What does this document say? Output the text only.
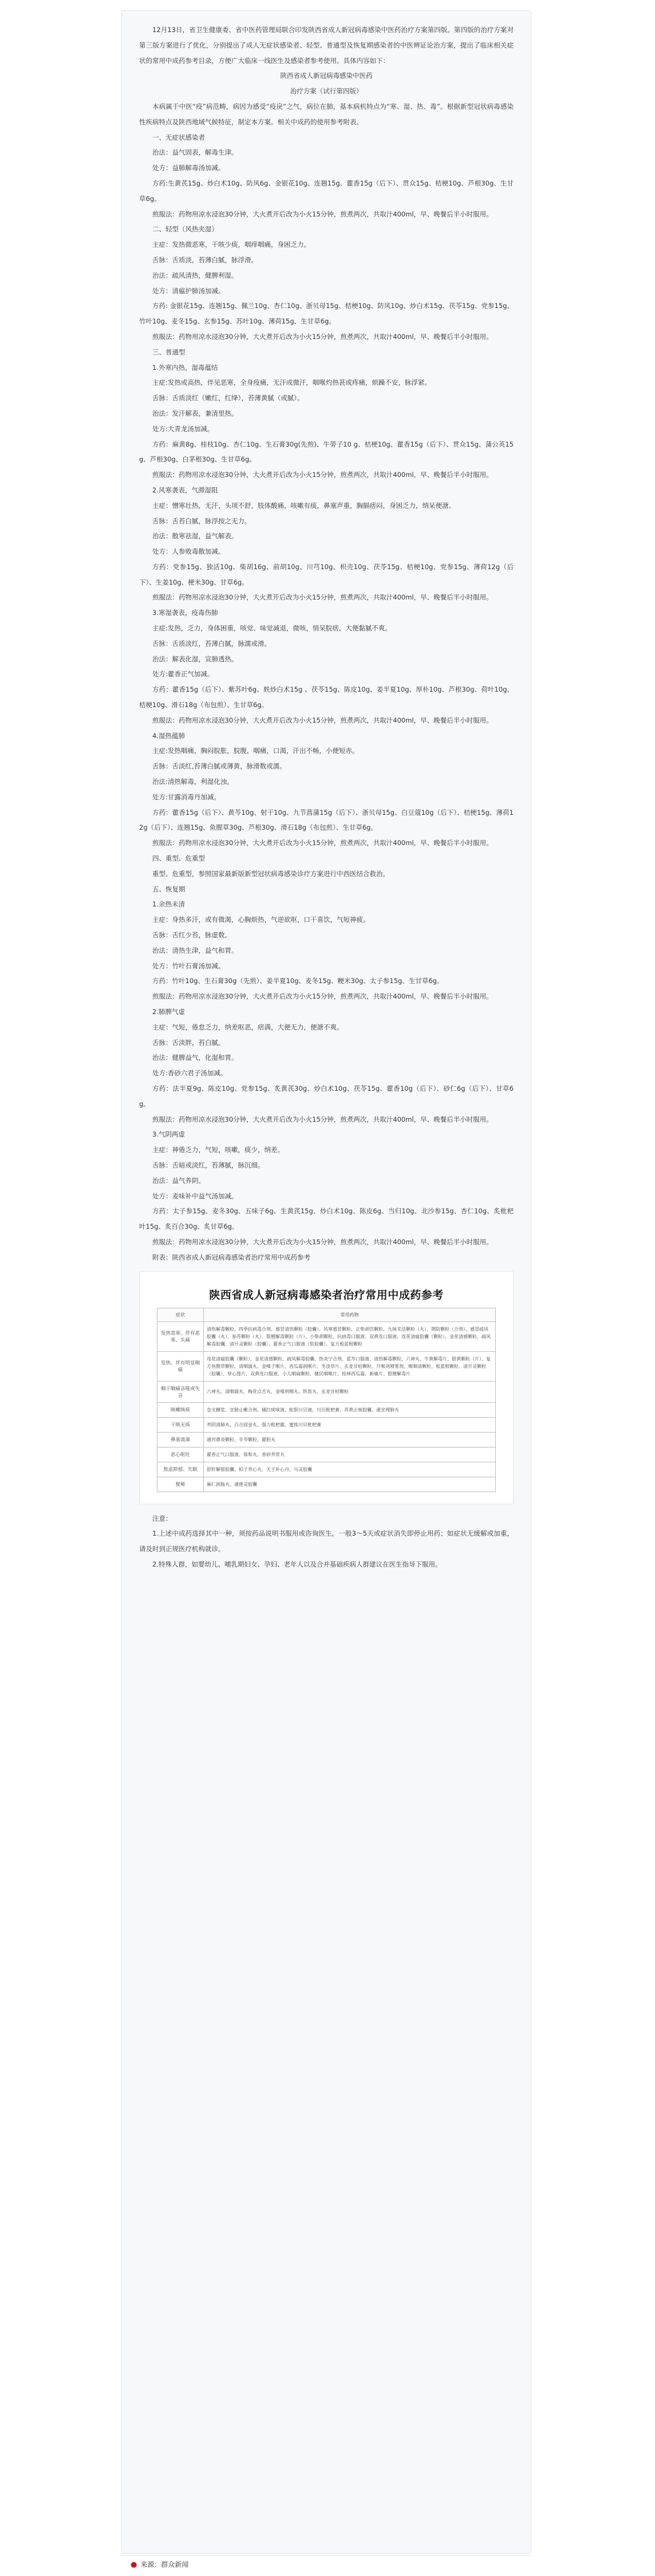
12月13日，省卫生健康委、省中医药管理局联合印发陕西省成人新冠病毒感染中医药治疗方案第四版。第四版的治疗方案对第三版方案进行了优化，分别提出了成人无症状感染者、轻型、普通型及恢复期感染者的中医辨证论治方案，提出了临床相关症状的常用中成药参考目录，方便广大临床一线医生及感染者参考使用。具体内容如下：

陕西省成人新冠病毒感染中医药

治疗方案（试行第四版）

本病属于中医“疫”病范畴，病因为感受“疫戾”之气，病位在肺，基本病机特点为“寒、湿、热、毒”。根据新型冠状病毒感染性疾病特点及陕西地域气候特征，制定本方案。相关中成药的使用参考附表。

一、无症状感染者

治法：益气固表，解毒生津。

处方：益肺解毒汤加减。

方药:生黄芪15g、炒白术10g、防风6g、金银花10g、连翘15g、藿香15g（后下）、贯众15g、桔梗10g、芦根30g、生甘草6g。

煎服法：药物用凉水浸泡30分钟，大火煮开后改为小火15分钟，煎煮两次，共取汁400ml，早、晚餐后半小时服用。

二、轻型（风热夹湿）

主症：发热微恶寒，干咳少痰，咽痒咽痛，身困乏力。

舌脉：舌质淡，苔薄白腻，脉浮滑。

治法：疏风清热，健脾利湿。

处方：清瘟护肺汤加减。

方药: 金银花15g、连翘15g、佩兰10g、杏仁10g、浙贝母15g、桔梗10g、防风10g、炒白术15g、茯苓15g、党参15g、竹叶10g、麦冬15g、玄参15g、苏叶10g、薄荷15g、生甘草6g。

煎服法：药物用凉水浸泡30分钟，大火煮开后改为小火15分钟，煎煮两次，共取汁400ml，早、晚餐后半小时服用。

三、普通型

1.外寒内热，湿毒蕴结

主症:发热或高热，伴见恶寒，全身疫痛，无汗或微汗，咽喉灼热甚或疼痛，烦躁不安，脉浮紧。

舌脉：舌质淡红（嫩红，红绛），苔薄黄腻（或腻）。

治法：发汗解表，兼清里热。

处方:大青龙汤加减。

方药：麻黄8g、桂枝10g、杏仁10g、生石膏30g(先煎)、牛蒡子10 g、桔梗10g、藿香15g（后下）、贯众15g、蒲公英15g、芦根30g、白茅根30g、生甘草6g。

煎服法：药物用凉水浸泡30分钟，大火煮开后改为小火15分钟，煎煮两次，共取汁400ml，早、晚餐后半小时服用。

2.风寒袭表，气滞湿阻

主症：憎寒壮热，无汗，头项不舒，肢体酸痛，咳嗽有痰，鼻塞声重，胸膈痞闷，身困乏力，纳呆便溏。

舌脉：舌苔白腻，脉浮按之无力。

治法：散寒祛湿，益气解表。

处方：人参败毒散加减。

方药：党参15g、独活10g、柴胡16g、前胡10g、川芎10g、枳壳10g、茯苓15g、桔梗10g、党参15g、薄荷12g（后下）、生姜10g、梗米30g、甘草6g。

煎服法：药物用凉水浸泡30分钟，大火煮开后改为小火15分钟，煎煮两次，共取汁400ml，早、晚餐后半小时服用。

3.寒湿袭表，疫毒伤肺

主症:发热，乏力，身体困重，咳觉、味觉减退，微咳，悄呆脘痞，大便黏腻不爽。

舌脉：舌质淡红，苔薄白腻，脉濡或滑。

治法：解表化湿，宣肺透热。

处方:藿香正气加减。

方药：藿香15g（后下）、紫苏叶6g、麸炒白术15g 、茯苓15g、陈皮10g、姜半夏10g、厚朴10g、芦根30g、荷叶10g、桔梗10g、滑石18g（布包煎）、生甘草6g。

煎服法：药物用凉水浸泡30分钟，大火煮开后改为小火15分钟，煎煮两次，共取汁400ml，早、晚餐后半小时服用。

4.湿热蕴肺

主症:发热咽痛，胸闷脘胀，脘腹，咽痛，口渴，汗出不畅，小便短赤。

舌脉：舌淡红,苔薄白腻或薄黄，脉滑数或濡。

治法:清热解毒，利湿化浊。

处方:甘露消毒丹加减。

方药：藿香15g（后下）、黄芩10g、射干10g、九节菖蒲15g（后下）、浙贝母15g、白豆蔻10g（后下）、桔梗15g、薄荷12g（后下）、连翘15g、鱼腥草30g、芦根30g、滑石18g（布包煎）、生甘草6g。

煎服法：药物用凉水浸泡30分钟，大火煮开后改为小火15分钟，煎煮两次，共取汁400ml，早、晚餐后半小时服用。

四、重型、危重型

重型、危重型，参照国家最新版新型冠状病毒感染诊疗方案进行中西医结合救治。

五、恢复期

1.余热未清

主症：身热多汗，或有微渴，心胸烦热，气逆欲呕，口干喜饮，气短神疲。

舌脉：舌红少苔，脉虚数。

治法：清热生津，益气和胃。

处方：竹叶石膏汤加减。

方药：竹叶10g、生石膏30g（先煎）、姜半夏10g、麦冬15g、粳米30g、太子参15g、生甘草6g。

煎服法：药物用凉水浸泡30分钟，大火煮开后改为小火15分钟，煎煮两次，共取汁400ml，早、晚餐后半小时服用。

2.肺脾气虚

主症：气短，倦怠乏力，纳差呕恶，痞满，大便无力，便溏不爽。

舌脉：舌淡胖，苔白腻。

治法：健脾益气，化湿和胃。

处方:香砂六君子汤加减。

方药：法半夏9g、陈皮10g、党参15g、炙黄芪30g、炒白术10g、茯苓15g、藿香10g（后下）、砂仁6g（后下）、甘草6g。

煎服法：药物用凉水浸泡30分钟，大火煮开后改为小火15分钟，煎煮两次，共取汁400ml，早、晚餐后半小时服用。

3.气阴两虚

主症：神倦乏力，气短，咳嗽，痰少，纳差。

舌脉：舌暗或淡红，苔薄腻，脉沉细。

治法：益气养阴。

处方：麦味补中益气汤加减。

方药：太子参15g、麦冬30g、五味子6g、生黄芪15g、炒白术10g、陈皮6g、当归10g、北沙参15g、杏仁10g、炙枇杷叶15g、炙百合30g、炙甘草6g。

煎服法：药物用凉水浸泡30分钟，大火煮开后改为小火15分钟，煎煮两次，共取汁400ml，早、晚餐后半小时服用。

附表：陕西省成人新冠病毒感染者治疗常用中成药参考

陕西省成人新冠病毒感染者治疗常用中成药参考
症状	常用药物
发热畏寒、伴有恶寒、头痛	清热解毒颗粒、四季抗病毒合剂、感冒清热颗粒（胶囊）、风寒感冒颗粒、正柴胡饮颗粒、九味羌活颗粒（丸）、荆防颗粒（合剂）、感冒疏风胶囊（丸）、参苏颗粒（丸）、银翘解毒颗粒（片）、小柴胡颗粒、抗病毒口服液、双黄连口服液、连花清瘟胶囊（颗粒）、金花清感颗粒、疏风解毒胶囊、清开灵颗粒（胶囊）、藿香正气口服液（软胶囊）、复方板蓝根颗粒
发热、伴有明显咽痛	连花清瘟胶囊（颗粒）、金花清感颗粒、疏风解毒胶囊、热炎宁合剂、蓝芩口服液、清热解毒颗粒、六神丸、牛黄解毒片、银黄颗粒（片）、复方鱼腥草颗粒、清咽滴丸、金嗓子喉片、西瓜霜润喉片、冬凌草片、玄麦甘桔颗粒、开喉剑喷雾剂、喉咽清颗粒、板蓝根颗粒、清开灵颗粒（胶囊）、穿心莲片、双黄连口服液、小儿咽扁颗粒、健民咽喉片、桂林西瓜霜、新癀片、银翘解毒片
咽干咽痛音哑或失音	六神丸、清咽滴丸、梅花点舌丸、金嗓利咽丸、铁笛丸、玄麦甘桔颗粒
咳嗽咳痰	急支糖浆、宣肺止嗽合剂、橘红痰咳液、蛇胆川贝液、川贝枇杷膏、苏黄止咳胶囊、通宣理肺丸
干咳无痰	养阴清肺丸、百合固金丸、强力枇杷露、蜜炼川贝枇杷膏
鼻塞流涕	通窍鼻炎颗粒、辛芩颗粒、藿胆丸
恶心呕吐	藿香正气口服液、保和丸、香砂养胃丸
焦虑抑郁、失眠	舒肝解郁胶囊、柏子养心丸、天王补心丹、乌灵胶囊
便秘	麻仁润肠丸、通便灵胶囊

注意：

1.上述中成药选择其中一种，须按药品说明书服用或咨询医生，一般3～5天或症状消失即停止用药；如症状无缓解或加重，请及时到正规医疗机构就诊。

2.特殊人群，如婴幼儿、哺乳期妇女、孕妇、老年人以及合并基础疾病人群建议在医生指导下服用。

● 来源：群众新闻
